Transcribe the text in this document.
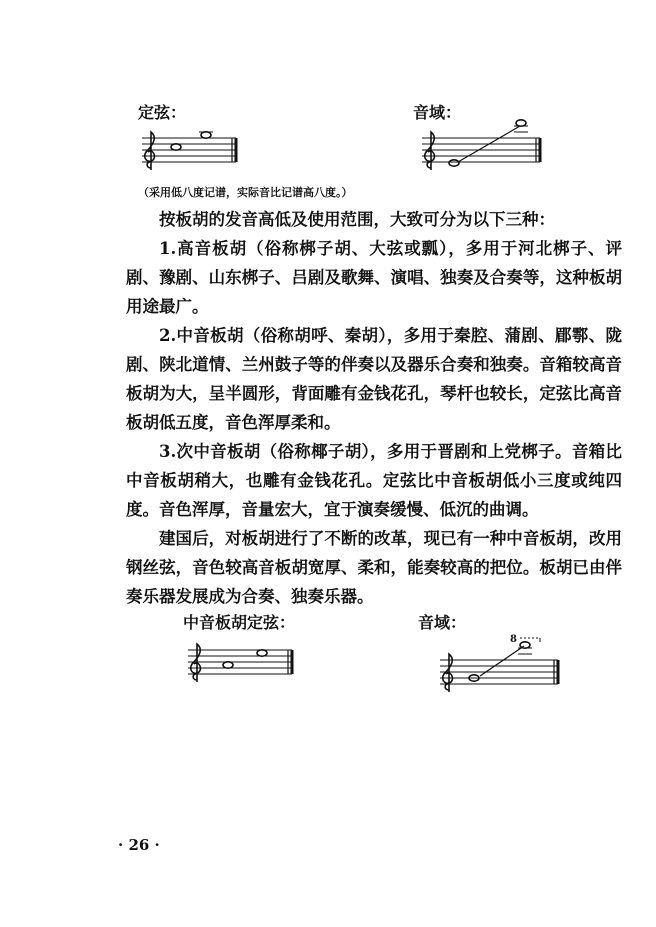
定弦：	音域：
（采用低八度记谱，实际音比记谱高八度。）

按板胡的发音高低及使用范围，大致可分为以下三种：

1.高音板胡（俗称梆子胡、大弦或瓢），多用于河北梆子、评剧、豫剧、山东梆子、吕剧及歌舞、演唱、独奏及合奏等，这种板胡用途最广。

2.中音板胡（俗称胡呼、秦胡），多用于秦腔、蒲剧、郿鄠、陇剧、陕北道情、兰州鼓子等的伴奏以及器乐合奏和独奏。音箱较高音板胡为大，呈半圆形，背面雕有金钱花孔，琴杆也较长，定弦比高音板胡低五度，音色浑厚柔和。

3.次中音板胡（俗称椰子胡），多用于晋剧和上党梆子。音箱比中音板胡稍大，也雕有金钱花孔。定弦比中音板胡低小三度或纯四度。音色浑厚，音量宏大，宜于演奏缓慢、低沉的曲调。

建国后，对板胡进行了不断的改革，现已有一种中音板胡，改用钢丝弦，音色较高音板胡宽厚、柔和，能奏较高的把位。板胡已由伴奏乐器发展成为合奏、独奏乐器。

中音板胡定弦：	音域：
8
· 26 ·
